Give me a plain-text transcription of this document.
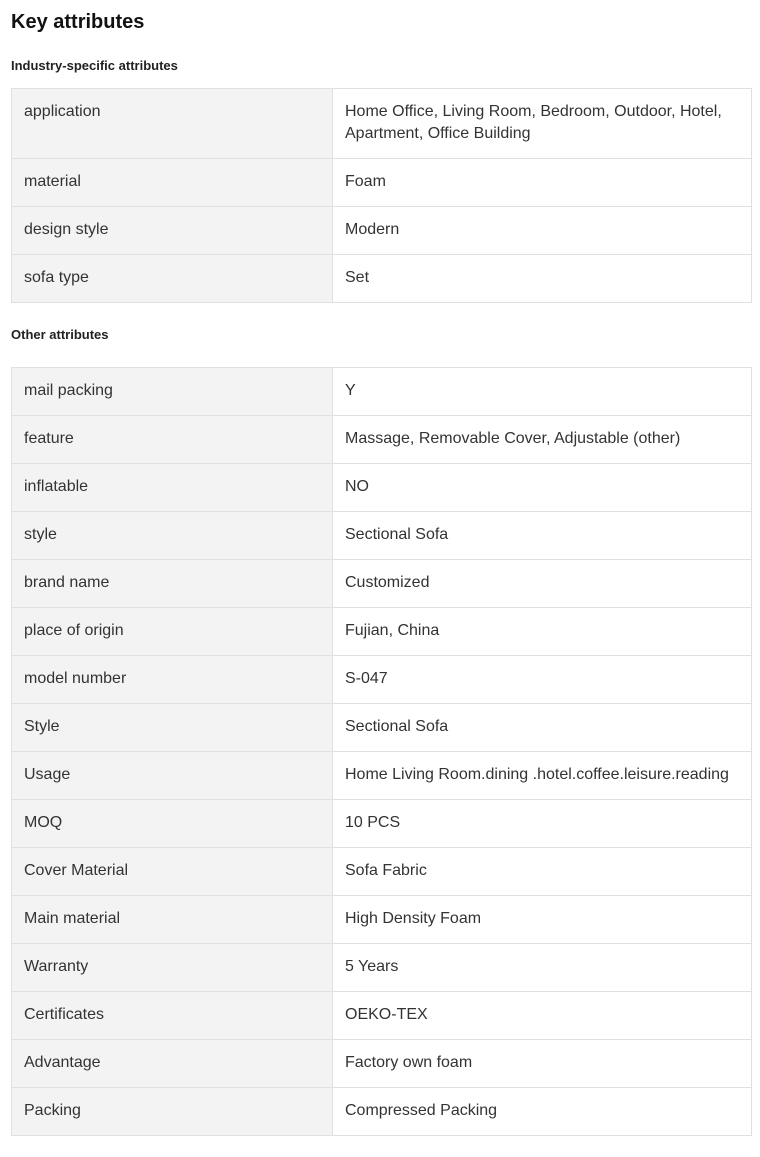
Key attributes
Industry-specific attributes
application	Home Office, Living Room, Bedroom, Outdoor, Hotel, Apartment, Office Building
material	Foam
design style	Modern
sofa type	Set
Other attributes
mail packing	Y
feature	Massage, Removable Cover, Adjustable (other)
inflatable	NO
style	Sectional Sofa
brand name	Customized
place of origin	Fujian, China
model number	S-047
Style	Sectional Sofa
Usage	Home Living Room.dining .hotel.coffee.leisure.reading
MOQ	10 PCS
Cover Material	Sofa Fabric
Main material	High Density Foam
Warranty	5 Years
Certificates	OEKO-TEX
Advantage	Factory own foam
Packing	Compressed Packing
